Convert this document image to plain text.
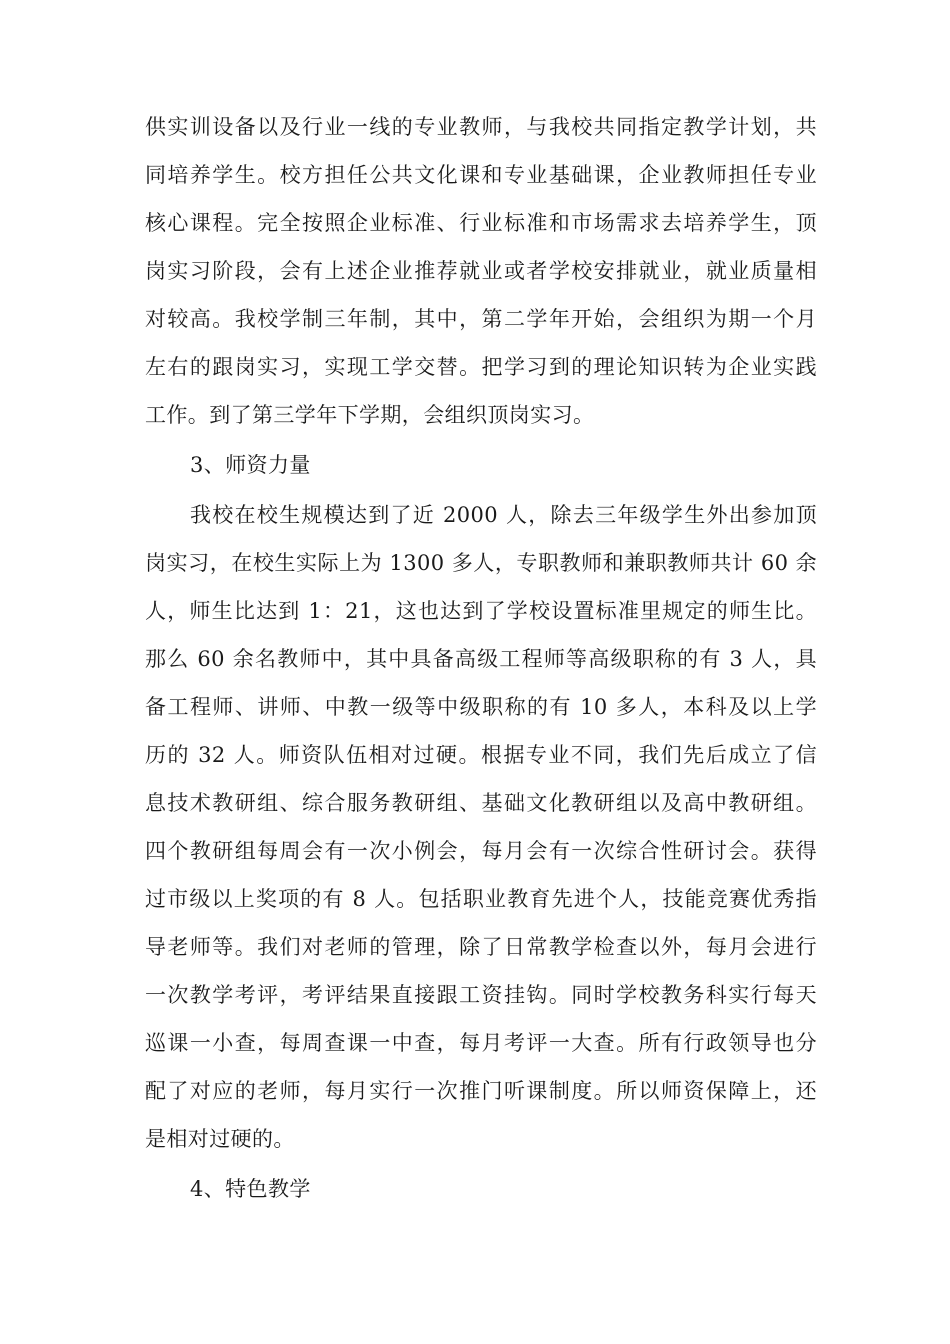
供实训设备以及行业一线的专业教师，与我校共同指定教学计划，共
同培养学生。校方担任公共文化课和专业基础课，企业教师担任专业
核心课程。完全按照企业标准、行业标准和市场需求去培养学生，顶
岗实习阶段，会有上述企业推荐就业或者学校安排就业，就业质量相
对较高。我校学制三年制，其中，第二学年开始，会组织为期一个月
左右的跟岗实习，实现工学交替。把学习到的理论知识转为企业实践
工作。到了第三学年下学期，会组织顶岗实习。
3、师资力量
我校在校生规模达到了近 2000 人，除去三年级学生外出参加顶
岗实习，在校生实际上为 1300 多人，专职教师和兼职教师共计 60 余
人，师生比达到 1：21，这也达到了学校设置标准里规定的师生比。
那么 60 余名教师中，其中具备高级工程师等高级职称的有 3 人，具
备工程师、讲师、中教一级等中级职称的有 10 多人，本科及以上学
历的 32 人。师资队伍相对过硬。根据专业不同，我们先后成立了信
息技术教研组、综合服务教研组、基础文化教研组以及高中教研组。
四个教研组每周会有一次小例会，每月会有一次综合性研讨会。获得
过市级以上奖项的有 8 人。包括职业教育先进个人，技能竞赛优秀指
导老师等。我们对老师的管理，除了日常教学检查以外，每月会进行
一次教学考评，考评结果直接跟工资挂钩。同时学校教务科实行每天
巡课一小查，每周查课一中查，每月考评一大查。所有行政领导也分
配了对应的老师，每月实行一次推门听课制度。所以师资保障上，还
是相对过硬的。
4、特色教学
